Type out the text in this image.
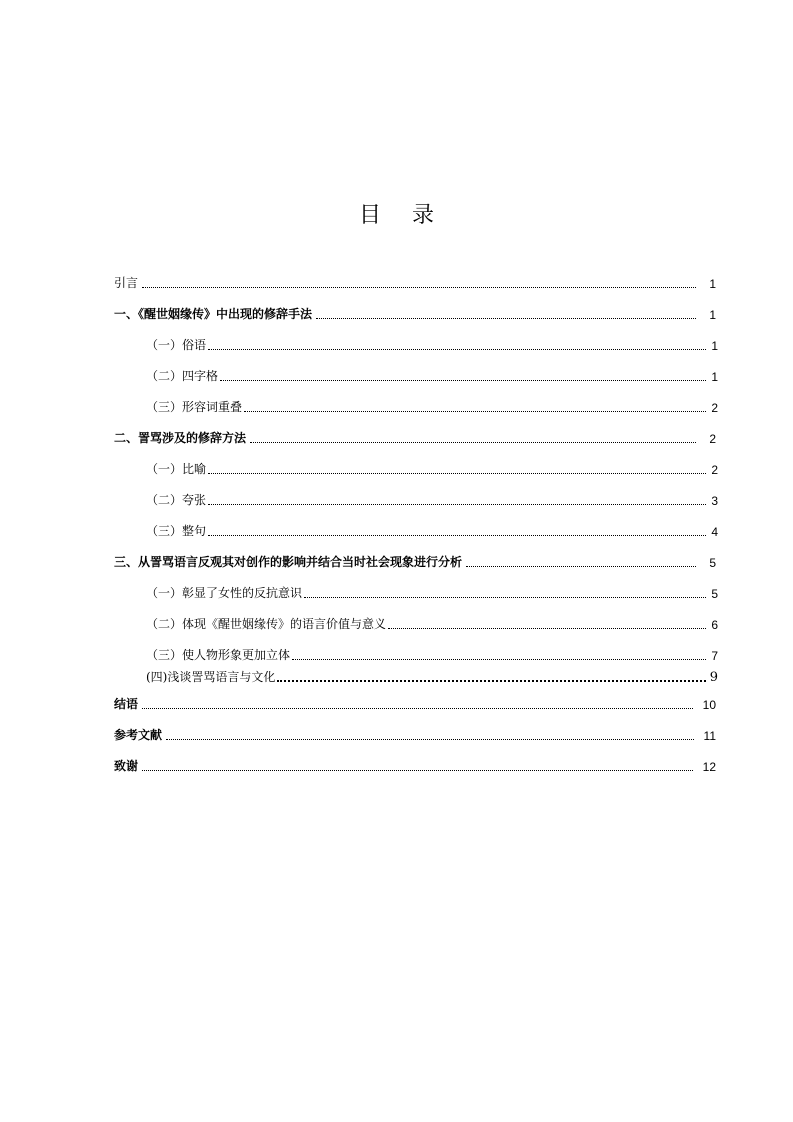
目 录
引言	1
一、《醒世姻缘传》中出现的修辞手法	1
（一）俗语	1
（二）四字格	1
（三）形容词重叠	2
二、詈骂涉及的修辞方法	2
（一）比喻	2
（二）夸张	3
（三）整句	4
三、从詈骂语言反观其对创作的影响并结合当时社会现象进行分析	5
（一）彰显了女性的反抗意识	5
（二）体现《醒世姻缘传》的语言价值与意义	6
（三）使人物形象更加立体	7
(四)浅谈詈骂语言与文化	9
结语	10
参考文献	11
致谢	12
